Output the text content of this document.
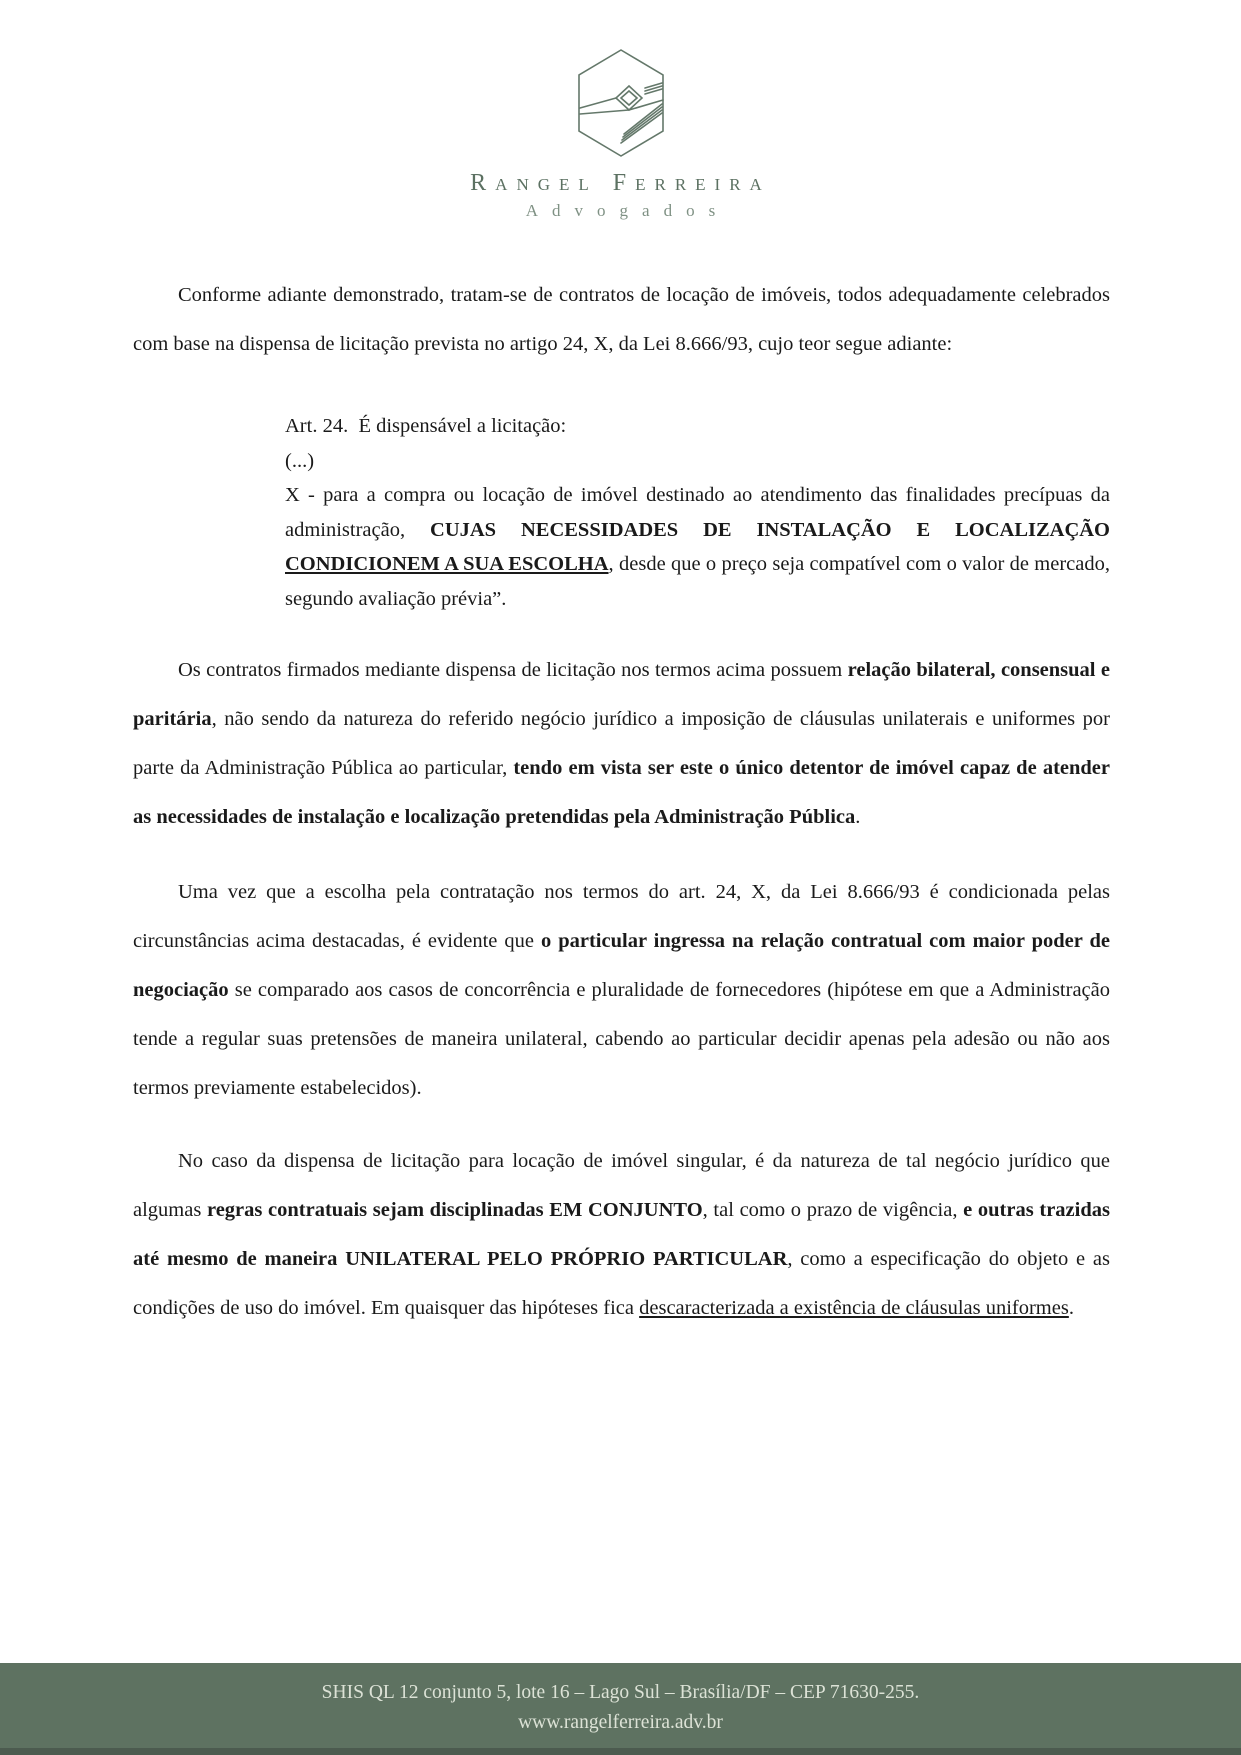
Rangel Ferreira
Advogados

Conforme adiante demonstrado, tratam-se de contratos de locação de imóveis, todos adequadamente celebrados com base na dispensa de licitação prevista no artigo 24, X, da Lei 8.666/93, cujo teor segue adiante:

Art. 24.  É dispensável a licitação:
(...)
X - para a compra ou locação de imóvel destinado ao atendimento das finalidades precípuas da administração, CUJAS NECESSIDADES DE INSTALAÇÃO E LOCALIZAÇÃO CONDICIONEM A SUA ESCOLHA, desde que o preço seja compatível com o valor de mercado, segundo avaliação prévia”.

Os contratos firmados mediante dispensa de licitação nos termos acima possuem relação bilateral, consensual e paritária, não sendo da natureza do referido negócio jurídico a imposição de cláusulas unilaterais e uniformes por parte da Administração Pública ao particular, tendo em vista ser este o único detentor de imóvel capaz de atender as necessidades de instalação e localização pretendidas pela Administração Pública.

Uma vez que a escolha pela contratação nos termos do art. 24, X, da Lei 8.666/93 é condicionada pelas circunstâncias acima destacadas, é evidente que o particular ingressa na relação contratual com maior poder de negociação se comparado aos casos de concorrência e pluralidade de fornecedores (hipótese em que a Administração tende a regular suas pretensões de maneira unilateral, cabendo ao particular decidir apenas pela adesão ou não aos termos previamente estabelecidos).

No caso da dispensa de licitação para locação de imóvel singular, é da natureza de tal negócio jurídico que algumas regras contratuais sejam disciplinadas EM CONJUNTO, tal como o prazo de vigência, e outras trazidas até mesmo de maneira UNILATERAL PELO PRÓPRIO PARTICULAR, como a especificação do objeto e as condições de uso do imóvel. Em quaisquer das hipóteses fica descaracterizada a existência de cláusulas uniformes.

SHIS QL 12 conjunto 5, lote 16 – Lago Sul – Brasília/DF – CEP 71630-255.
www.rangelferreira.adv.br
